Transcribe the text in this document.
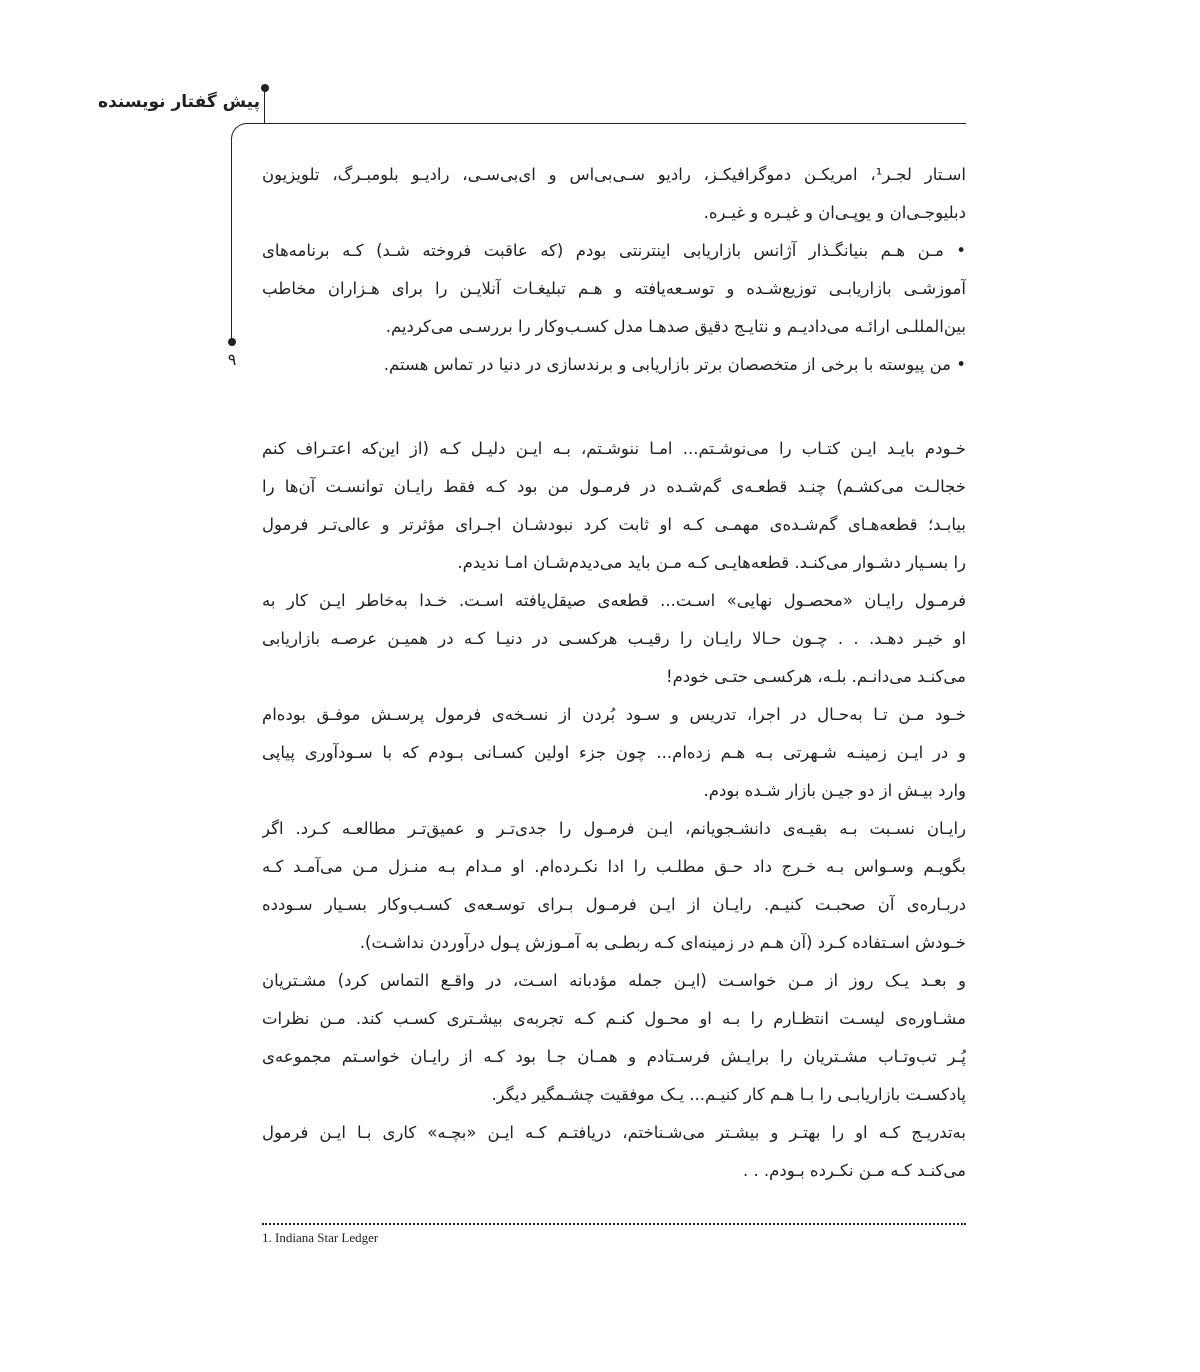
پیش گفتار نویسنده
۹
اسـتار لجـر¹، امریکـن دموگرافیکـز، رادیو سـی‌بی‌اس و ای‌بی‌سـی، رادیـو بلومبـرگ، تلویزیون
دبلیوجـی‌ان و یوپـی‌ان و غیـره و غیـره.
• مـن هـم بنیانگـذار آژانس بازاریابی اینترنتی بودم (که عاقبت فروخته شـد) کـه برنامه‌های
آموزشـی بازاریابـی توزیع‌شـده و توسـعه‌یافته و هـم تبلیغـات آنلایـن را برای هـزاران مخاطب
بین‌المللـی ارائـه می‌دادیـم و نتایـج دقیق صدهـا مدل کسـب‌وکار را بررسـی می‌کردیم.
• من پیوسته با برخی از متخصصان برتر بازاریابی و برندسازی در دنیا در تماس هستم.
خـودم بایـد ایـن کتـاب را می‌نوشـتم... امـا ننوشـتم، بـه ایـن دلیـل کـه (از این‌که اعتـراف کنم
خجالـت می‌کشـم) چنـد قطعـه‌ی گم‌شـده در فرمـول من بود کـه فقط رایـان توانسـت آن‌ها را
بیابـد؛ قطعه‌هـای گم‌شـده‌ی مهمـی کـه او ثابت کرد نبودشـان اجـرای مؤثرتر و عالی‌تـر فرمول
را بسـیار دشـوار می‌کنـد. قطعه‌هایـی کـه مـن باید می‌دیدم‌شـان امـا ندیدم.
فرمـول رایـان «محصـول نهایی» اسـت... قطعه‌ی صیقل‌یافته اسـت. خـدا به‌خاطر ایـن کار به
او خیـر دهـد. . . چـون حـالا رایـان را رقیـب هرکسـی در دنیـا کـه در همیـن عرصـه بازاریابی
می‌کنـد می‌دانـم. بلـه، هرکسـی حتـی خودم!
خـود مـن تـا به‌حـال در اجرا، تدریس و سـود بُردن از نسـخه‌ی فرمول پرسـش موفـق بوده‌ام
و در ایـن زمینـه شـهرتی بـه هـم زده‌ام... چون جزء اولین کسـانی بـودم که با سـودآوری پیاپی
وارد بیـش از دو جیـن بازار شـده بودم.
رایـان نسـبت بـه بقیـه‌ی دانشـجویانم، ایـن فرمـول را جدی‌تـر و عمیق‌تـر مطالعـه کـرد. اگر
بگویـم وسـواس بـه خـرج داد حـق مطلـب را ادا نکـرده‌ام. او مـدام بـه منـزل مـن می‌آمـد کـه
دربـاره‌ی آن صحبـت کنیـم. رایـان از ایـن فرمـول بـرای توسـعه‌ی کسـب‌وکار بسـیار سـودده
خـودش اسـتفاده کـرد (آن هـم در زمینه‌ای کـه ربطـی به آمـوزش پـول درآوردن نداشـت).
و بعـد یـک روز از مـن خواسـت (ایـن جمله مؤدبانه اسـت، در واقـع التماس کرد) مشـتریان
مشـاوره‌ی لیسـت انتظـارم را بـه او محـول کنـم کـه تجربه‌ی بیشـتری کسـب کند. مـن نظرات
پُـر تب‌وتـاب مشـتریان را برایـش فرسـتادم و همـان جـا بود کـه از رایـان خواسـتم مجموعه‌ی
پادکسـت بازاریابـی را بـا هـم کار کنیـم... یـک موفقیت چشـمگیر دیگر.
به‌تدریـج کـه او را بهتـر و بیشـتر می‌شـناختم، دریافتـم کـه ایـن «بچـه» کاری بـا ایـن فرمول
می‌کنـد کـه مـن نکـرده بـودم. . .
1. Indiana Star Ledger
